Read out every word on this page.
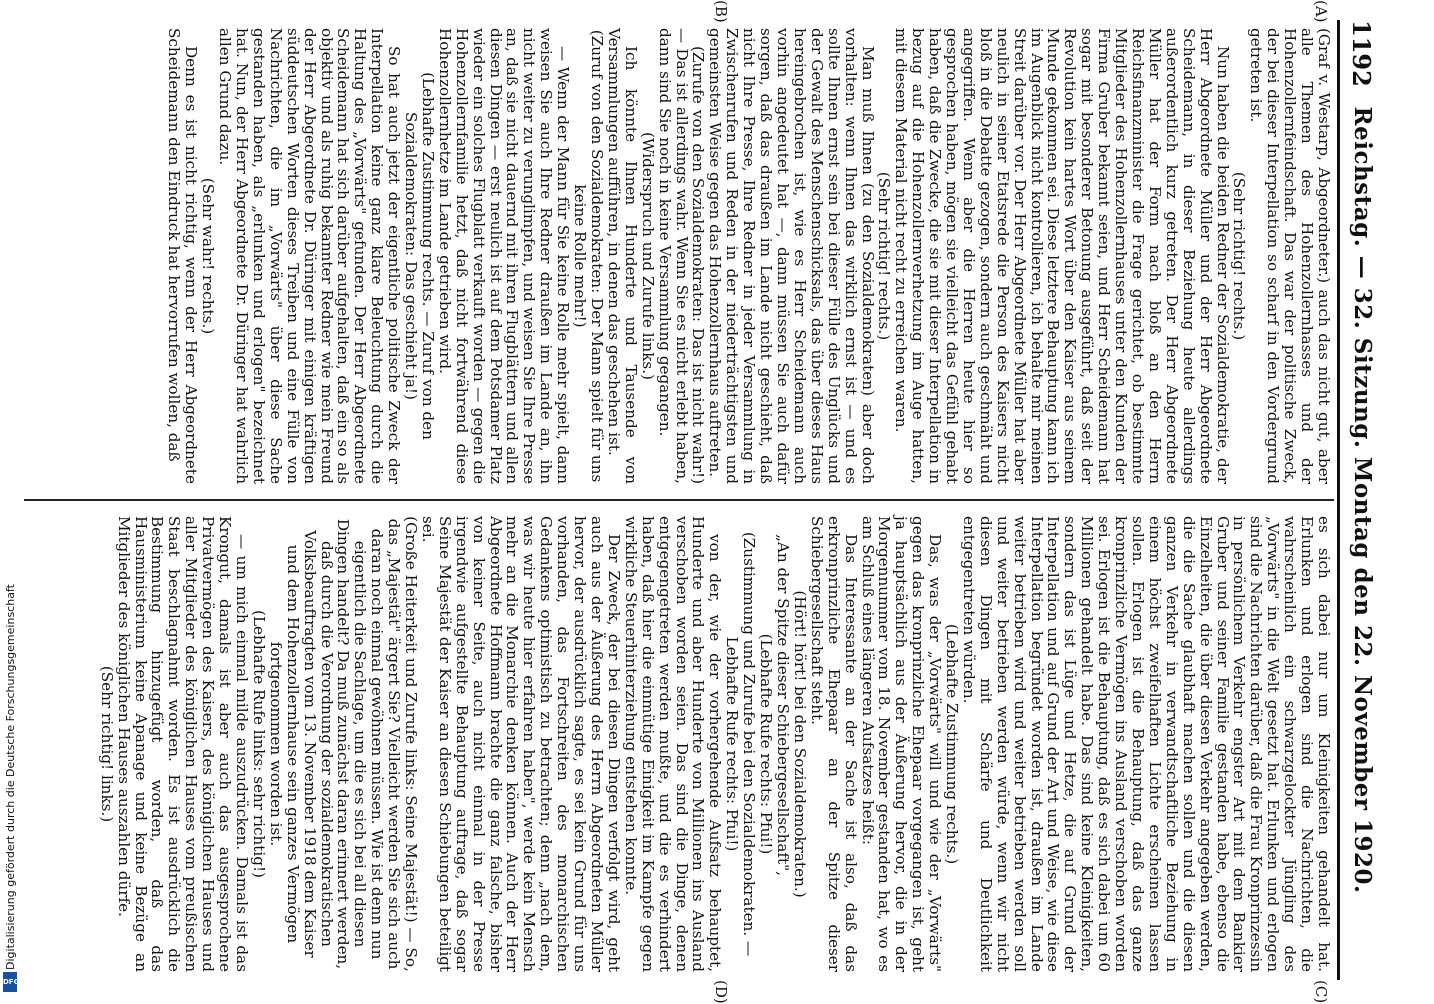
1192
Reichstag. — 32. Sitzung. Montag den 22. November 1920.
(A)
(B)
(C)
(D)

(Graf v. Westarp, Abgeordneter.) auch das nicht gut, aber alle Themen des Hohenzollernhasses und der Hohenzollernfeindschaft. Das war der politische Zweck, der bei dieser Interpellation so scharf in den Vordergrund getreten ist.

(Sehr richtig! rechts.)

Nun haben die beiden Redner der Sozialdemokratie, der Herr Abgeordnete Müller und der Herr Abgeordnete Scheidemann, in dieser Beziehung heute allerdings außerordentlich kurz getreten. Der Herr Abgeordnete Müller hat der Form nach bloß an den Herrn Reichsfinanzminister die Frage gerichtet, ob bestimmte Mitglieder des Hohenzollernhauses unter den Kunden der Firma Gruber bekannt seien, und Herr Scheidemann hat sogar mit besonderer Betonung ausgeführt, daß seit der Revolution kein hartes Wort über den Kaiser aus seinem Munde gekommen sei. Diese letztere Behauptung kann ich im Augenblick nicht kontrollieren, ich behalte mir meinen Streit darüber vor. Der Herr Abgeordnete Müller hat aber neulich in seiner Etatsrede die Person des Kaisers nicht bloß in die Debatte gezogen, sondern auch geschmäht und angegriffen. Wenn aber die Herren heute hier so gesprochen haben, mögen sie vielleicht das Gefühl gehabt haben, daß die Zwecke, die sie mit dieser Interpellation in bezug auf die Hohenzollernverhetzung im Auge hatten, mit diesem Material nicht recht zu erreichen waren.

(Sehr richtig! rechts.)

Man muß Ihnen (zu den Sozialdemokraten) aber doch vorhalten: wenn Ihnen das wirklich ernst ist — und es sollte Ihnen ernst sein bei dieser Fülle des Unglücks und der Gewalt des Menschenschicksals, das über dieses Haus hereingebrochen ist, wie es Herr Scheidemann auch vorhin angedeutet hat —, dann müssen Sie auch dafür sorgen, daß das draußen im Lande nicht geschieht, daß nicht Ihre Presse, Ihre Redner in jeder Versammlung in Zwischenrufen und Reden in der niederträchtigsten und gemeinsten Weise gegen das Hohenzollernhaus auftreten.

(Zurufe von den Sozialdemokraten: Das ist nicht wahr!) — Das ist allerdings wahr. Wenn Sie es nicht erlebt haben, dann sind Sie noch in keine Versammlung gegangen.

(Widerspruch und Zurufe links.)

Ich könnte Ihnen Hunderte und Tausende von Versammlungen aufführen, in denen das geschehen ist.

(Zuruf von den Sozialdemokraten: Der Mann spielt für uns keine Rolle mehr!)

— Wenn der Mann für Sie keine Rolle mehr spielt, dann weisen Sie auch Ihre Redner draußen im Lande an, ihn nicht weiter zu verunglimpfen, und weisen Sie Ihre Presse an, daß sie nicht dauernd mit ihren Flugblättern und allen diesen Dingen — erst neulich ist auf dem Potsdamer Platz wieder ein solches Flugblatt verkauft worden — gegen die Hohenzollernfamilie hetzt, daß nicht fortwährend diese Hohenzollernhetze im Lande getrieben wird.

(Lebhafte Zustimmung rechts. — Zuruf von den Sozialdemokraten: Das geschieht ja!)

So hat auch jetzt der eigentliche politische Zweck der Interpellation keine ganz klare Beleuchtung durch die Haltung des „Vorwärts" gefunden. Der Herr Abgeordnete Scheidemann hat sich darüber aufgehalten, daß ein so als objektiv und als ruhig bekannter Redner wie mein Freund der Herr Abgeordnete Dr. Düringer mit einigen kräftigen süddeutschen Worten dieses Treiben und eine Fülle von Nachrichten, die im „Vorwärts" über diese Sache gestanden haben, als „erlunken und erlogen" bezeichnet hat. Nun, der Herr Abgeordnete Dr. Düringer hat wahrlich allen Grund dazu.

(Sehr wahr! rechts.)

Denn es ist nicht richtig, wenn der Herr Abgeordnete Scheidemann den Eindruck hat hervorrufen wollen, daß

es sich dabei nur um Kleinigkeiten gehandelt hat. Erlunken und erlogen sind die Nachrichten, die wahrscheinlich ein schwarzgelockter Jüngling des „Vorwärts" in die Welt gesetzt hat. Erlunken und erlogen sind die Nachrichten darüber, daß die Frau Kronprinzessin in persönlichem Verkehr engster Art mit dem Bankier Gruber und seiner Familie gestanden habe, ebenso die Einzelheiten, die über diesen Verkehr angegeben werden, die die Sache glaubhaft machen sollen und die diesen ganzen Verkehr in verwandtschaftliche Beziehung in einem höchst zweifelhaften Lichte erscheinen lassen sollen. Erlogen ist die Behauptung, daß das ganze kronprinzliche Vermögen ins Ausland verschoben worden sei. Erlogen ist die Behauptung, daß es sich dabei um 60 Millionen gehandelt habe. Das sind keine Kleinigkeiten, sondern das ist Lüge und Hetze, die auf Grund der Interpellation und auf Grund der Art und Weise, wie diese Interpellation begründet worden ist, draußen im Lande weiter betrieben wird und weiter betrieben werden soll und weiter betrieben werden würde, wenn wir nicht diesen Dingen mit Schärfe und Deutlichkeit entgegentreten würden.

(Lebhafte Zustimmung rechts.)

Das, was der „Vorwärts" will und wie der „Vorwärts" gegen das kronprinzliche Ehepaar vorgegangen ist, geht ja hauptsächlich aus der Äußerung hervor, die in der Morgennummer vom 18. November gestanden hat, wo es am Schluß eines längeren Aufsatzes heißt:

Das Interessante an der Sache ist also, daß das erkronprinzliche Ehepaar an der Spitze dieser Schiebergesellschaft steht.

(Hört! hört! bei den Sozialdemokraten.)

„An der Spitze dieser Schiebergesellschaft",

(Lebhafte Rufe rechts: Pfui!)

(Zustimmung und Zurufe bei den Sozialdemokraten. — Lebhafte Rufe rechts: Pfui!)

von der, wie der vorhergehende Aufsatz behauptet, Hunderte und aber Hunderte von Millionen ins Ausland verschoben worden seien. Das sind die Dinge, denen entgegengetreten werden mußte, und die es verhindert haben, daß hier die einmütige Einigkeit im Kampfe gegen wirkliche Steuerhinterziehung entstehen konnte.

Der Zweck, der bei diesen Dingen verfolgt wird, geht auch aus der Äußerung des Herrn Abgeordneten Müller hervor, der ausdrücklich sagte, es sei kein Grund für uns vorhanden, das Fortschreiten des monarchischen Gedankens optimistisch zu betrachten; denn „nach dem, was wir heute hier erfahren haben", werde kein Mensch mehr an die Monarchie denken können. Auch der Herr Abgeordnete Hoffmann brachte die ganz falsche, bisher von keiner Seite, auch nicht einmal in der Presse irgendwie aufgestellte Behauptung auftrage, daß sogar Seine Majestät der Kaiser an diesen Schiebungen beteiligt sei.

(Große Heiterkeit und Zurufe links: Seine Majestät!) — So, das „Majestät" ärgert Sie? Vielleicht werden Sie sich auch daran noch einmal gewöhnen müssen. Wie ist denn nun eigentlich die Sachlage, um die es sich bei all diesen Dingen handelt? Da muß zunächst daran erinnert werden, daß durch die Verordnung der sozialdemokratischen Volksbeauftragten vom 13. November 1918 dem Kaiser und dem Hohenzollernhause sein ganzes Vermögen fortgenommen worden ist.

(Lebhafte Rufe links: sehr richtig!)

— um mich einmal milde auszudrücken. Damals ist das Krongut, damals ist aber auch das ausgesprochene Privatvermögen des Kaisers, des königlichen Hauses und aller Mitglieder des königlichen Hauses vom preußischen Staat beschlagnahmt worden. Es ist ausdrücklich die Bestimmung hinzugefügt worden, daß das Hausministerium keine Apanage und keine Bezüge an Mitglieder des königlichen Hauses auszahlen dürfe.

(Sehr richtig! links.)

Digitalisierung gefördert durch die Deutsche Forschungsgemeinschaft
DFG
